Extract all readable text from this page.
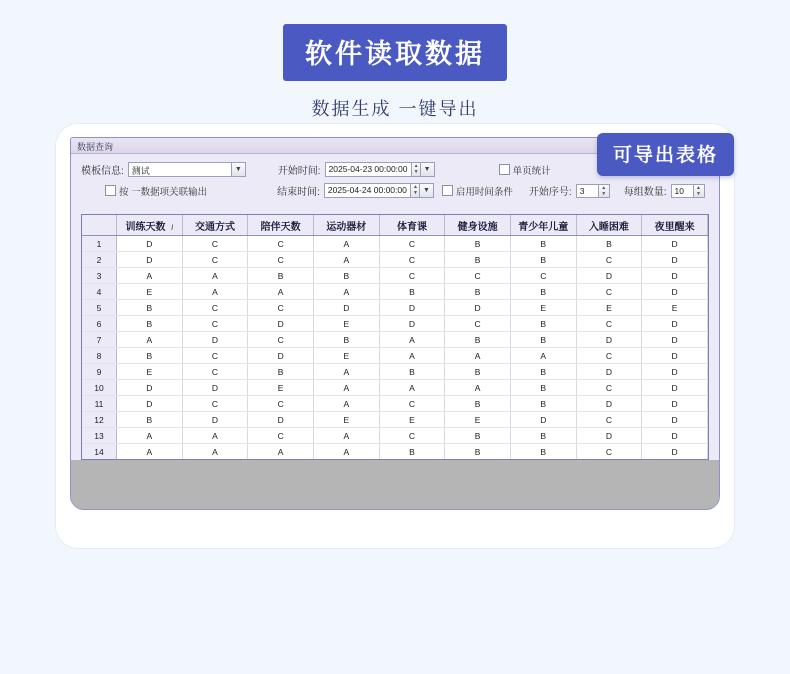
软件读取数据
数据生成 一键导出
数据查询
模板信息: 测试	▼	开始时间: 2025-04-23 00:00:00	▲
▼ ▼	单页统计
按 一数据项关联输出	结束时间: 2025-04-24 00:00:00	▲
▼ ▼	启用时间条件 开始序号: 3	▲
▼ 每组数量: 10	▲
▼
	训练天数 /	交通方式	陪伴天数	运动器材	体育课	健身设施	青少年儿童	入睡困难	夜里醒来
1	D	C	C	A	C	B	B	B	D
2	D	C	C	A	C	B	B	C	D
3	A	A	B	B	C	C	C	D	D
4	E	A	A	A	B	B	B	C	D
5	B	C	C	D	D	D	E	E	E
6	B	C	D	E	D	C	B	C	D
7	A	D	C	B	A	B	B	D	D
8	B	C	D	E	A	A	A	C	D
9	E	C	B	A	B	B	B	D	D
10	D	D	E	A	A	A	B	C	D
11	D	C	C	A	C	B	B	D	D
12	B	D	D	E	E	E	D	C	D
13	A	A	C	A	C	B	B	D	D
14	A	A	A	A	B	B	B	C	D
可导出表格
